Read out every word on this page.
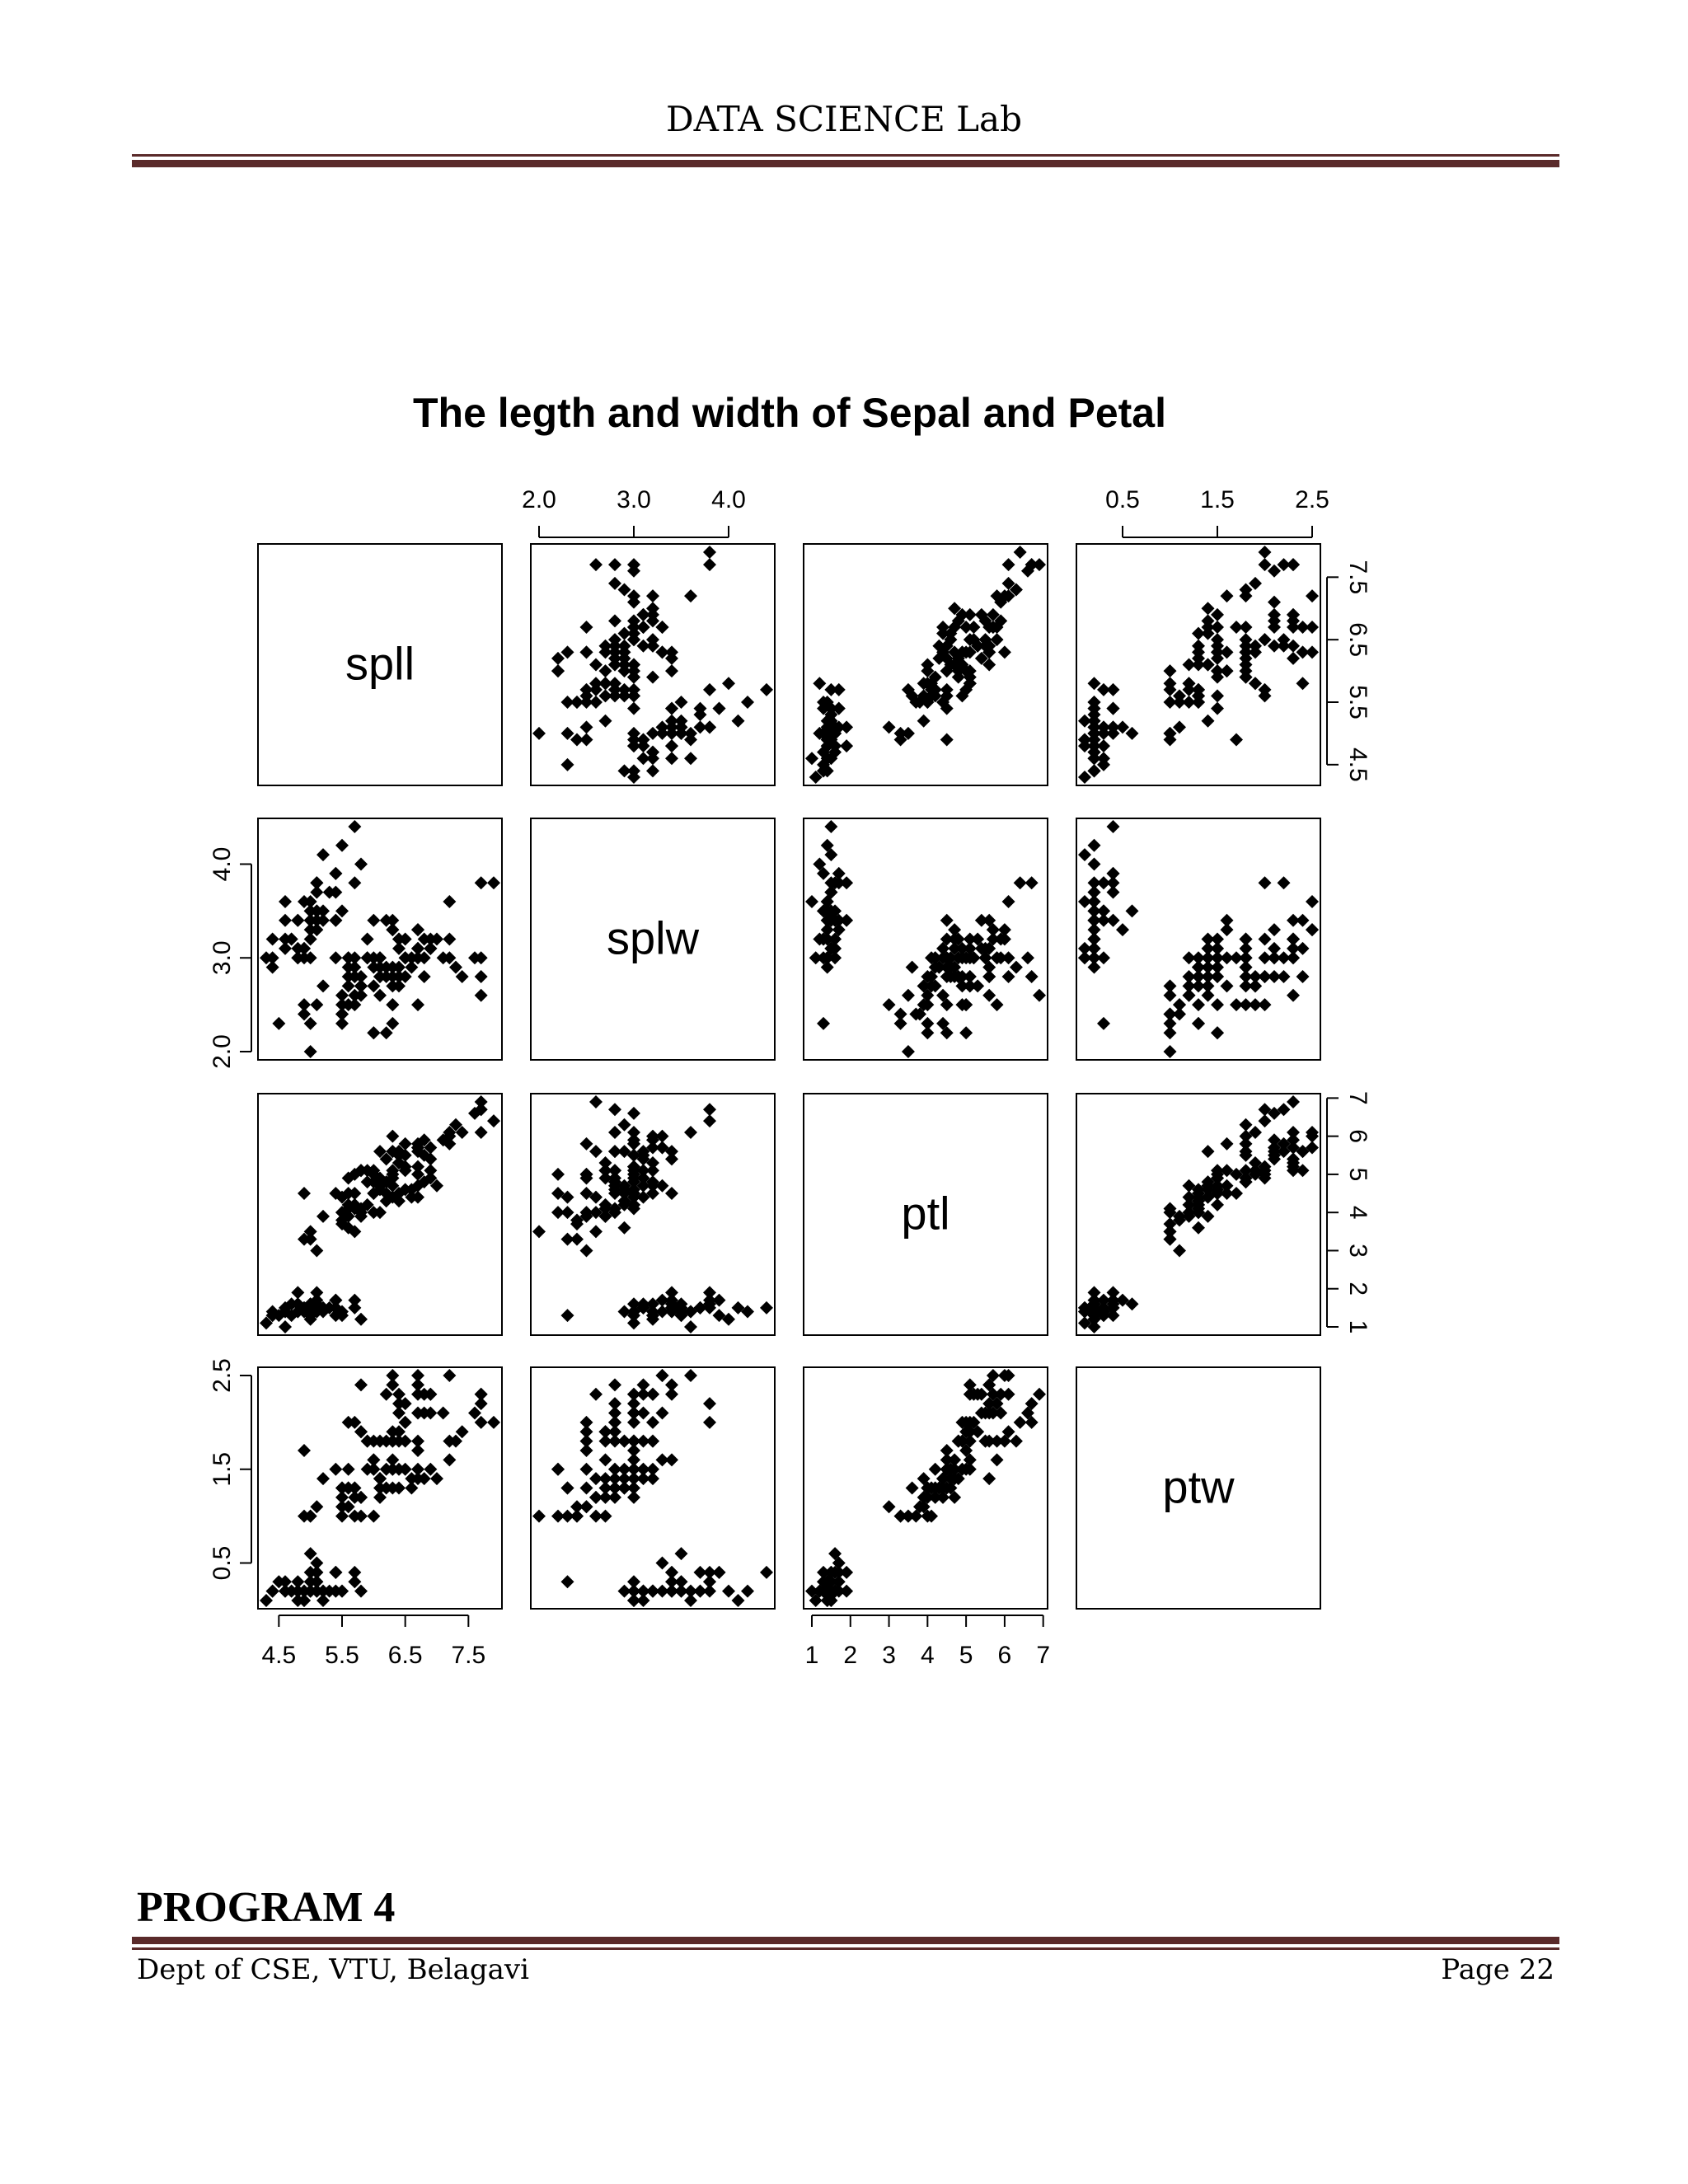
DATA SCIENCE Lab
The legth and width of Sepal and Petal
spll
splw
ptl
ptw
2.0 3.0 4.0	0.5 1.5 2.5
4.5 5.5 6.5 7.5	1 2 3 4 5 6 7
2.0
3.0
4.0
0.5
1.5
2.5
4.5
5.5
6.5
7.5
1
2
3
4
5
6
7
PROGRAM 4
Dept of CSE, VTU, Belagavi	Page 22
